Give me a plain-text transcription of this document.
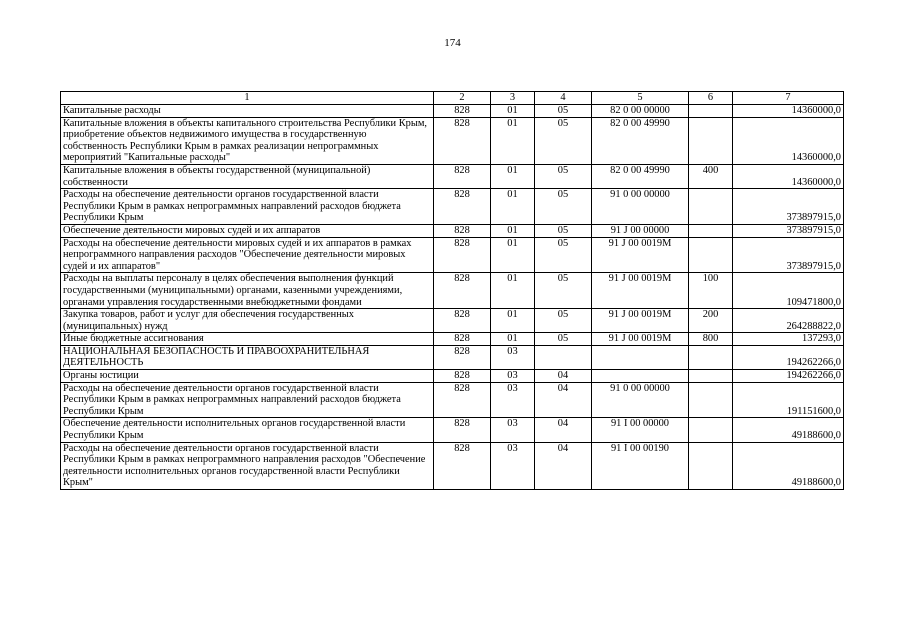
174
1	2	3	4	5	6	7
Капитальные расходы	828	01	05	82 0 00 00000		14360000,0
Капитальные вложения в объекты капитального строительства Республики Крым, приобретение объектов недвижимого имущества в государственную собственность Республики Крым в рамках реализации непрограммных мероприятий "Капитальные расходы"	828	01	05	82 0 00 49990		14360000,0
Капитальные вложения в объекты государственной (муниципальной) собственности	828	01	05	82 0 00 49990	400	14360000,0
Расходы на обеспечение деятельности органов государственной власти Республики Крым в рамках непрограммных направлений расходов бюджета Республики Крым	828	01	05	91 0 00 00000		373897915,0
Обеспечение деятельности мировых судей и их аппаратов	828	01	05	91 J 00 00000		373897915,0
Расходы на обеспечение деятельности мировых судей и их аппаратов в рамках непрограммного направления расходов "Обеспечение деятельности мировых судей и их аппаратов"	828	01	05	91 J 00 0019M		373897915,0
Расходы на выплаты персоналу в целях обеспечения выполнения функций государственными (муниципальными) органами, казенными учреждениями, органами управления государственными внебюджетными фондами	828	01	05	91 J 00 0019M	100	109471800,0
Закупка товаров, работ и услуг для обеспечения государственных (муниципальных) нужд	828	01	05	91 J 00 0019M	200	264288822,0
Иные бюджетные ассигнования	828	01	05	91 J 00 0019M	800	137293,0
НАЦИОНАЛЬНАЯ БЕЗОПАСНОСТЬ И ПРАВООХРАНИТЕЛЬНАЯ ДЕЯТЕЛЬНОСТЬ	828	03				194262266,0
Органы юстиции	828	03	04			194262266,0
Расходы на обеспечение деятельности органов государственной власти Республики Крым в рамках непрограммных направлений расходов бюджета Республики Крым	828	03	04	91 0 00 00000		191151600,0
Обеспечение деятельности исполнительных органов государственной власти Республики Крым	828	03	04	91 I 00 00000		49188600,0
Расходы на обеспечение деятельности органов государственной власти Республики Крым в рамках непрограммного направления расходов "Обеспечение деятельности исполнительных органов государственной власти Республики Крым"	828	03	04	91 I 00 00190		49188600,0
